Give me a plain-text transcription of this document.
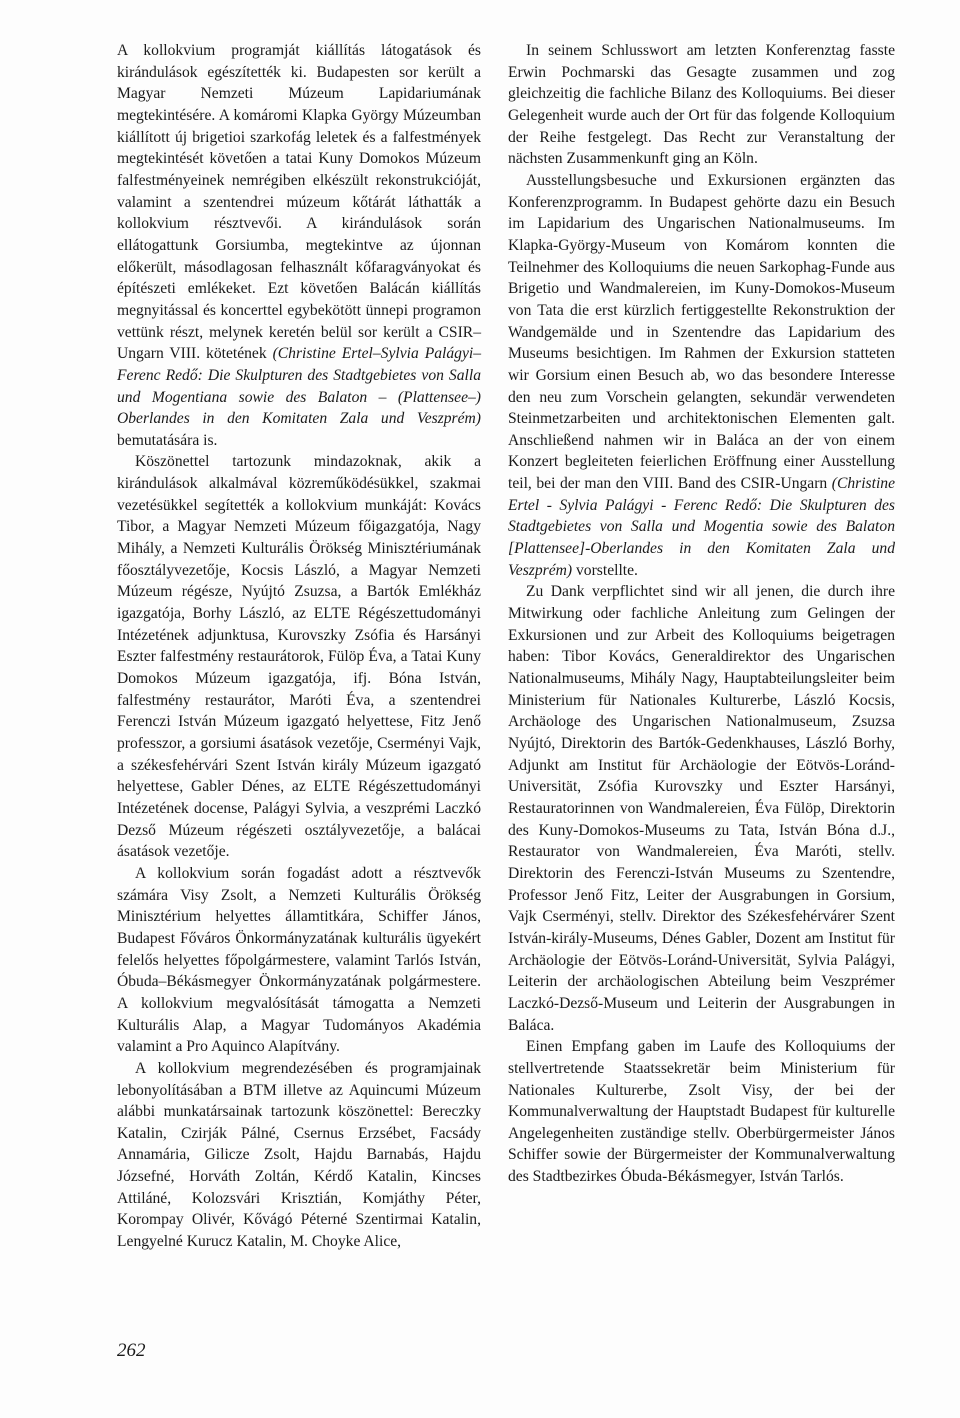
A kollokvium programját kiállítás látogatások és kirándulások egészítették ki. Budapesten sor került a Magyar Nemzeti Múzeum Lapidariumának megtekintésére. A komáromi Klapka György Múzeumban kiállított új brigetioi szarkofág leletek és a falfestmények megtekintését követően a tatai Kuny Domokos Múzeum falfestményeinek nemrégiben elkészült rekonstrukcióját, valamint a szentendrei múzeum kőtárát láthatták a kollokvium résztvevői. A kirándulások során ellátogattunk Gorsiumba, megtekintve az újonnan előkerült, másodlagosan felhasznált kőfaragványokat és építészeti emlékeket. Ezt követően Balácán kiállítás megnyitással és koncerttel egybekötött ünnepi programon vettünk részt, melynek keretén belül sor került a CSIR–Ungarn VIII. kötetének (Christine Ertel–Sylvia Palágyi–Ferenc Redő: Die Skulpturen des Stadtgebietes von Salla und Mogentiana sowie des Balaton – (Plattensee–) Oberlandes in den Komitaten Zala und Veszprém) bemutatására is.

Köszönettel tartozunk mindazoknak, akik a kirándulások alkalmával közreműködésükkel, szakmai vezetésükkel segítették a kollokvium munkáját: Kovács Tibor, a Magyar Nemzeti Múzeum főigazgatója, Nagy Mihály, a Nemzeti Kulturális Örökség Minisztériumának főosztályvezetője, Kocsis László, a Magyar Nemzeti Múzeum régésze, Nyújtó Zsuzsa, a Bartók Emlékház igazgatója, Borhy László, az ELTE Régészettudományi Intézetének adjunktusa, Kurovszky Zsófia és Harsányi Eszter falfestmény restaurátorok, Fülöp Éva, a Tatai Kuny Domokos Múzeum igazgatója, ifj. Bóna István, falfestmény restaurátor, Maróti Éva, a szentendrei Ferenczi István Múzeum igazgató helyettese, Fitz Jenő professzor, a gorsiumi ásatások vezetője, Cserményi Vajk, a székesfehérvári Szent István király Múzeum igazgató helyettese, Gabler Dénes, az ELTE Régészettudományi Intézetének docense, Palágyi Sylvia, a veszprémi Laczkó Dezső Múzeum régészeti osztályvezetője, a balácai ásatások vezetője.

A kollokvium során fogadást adott a résztvevők számára Visy Zsolt, a Nemzeti Kulturális Örökség Minisztérium helyettes államtitkára, Schiffer János, Budapest Főváros Önkormányzatának kulturális ügyekért felelős helyettes főpolgármestere, valamint Tarlós István, Óbuda–Békásmegyer Önkormányzatának polgármestere. A kollokvium megvalósítását támogatta a Nemzeti Kulturális Alap, a Magyar Tudományos Akadémia valamint a Pro Aquinco Alapítvány.

A kollokvium megrendezésében és programjainak lebonyolításában a BTM illetve az Aquincumi Múzeum alábbi munkatársainak tartozunk köszönettel: Bereczky Katalin, Czirják Pálné, Csernus Erzsébet, Facsády Annamária, Gilicze Zsolt, Hajdu Barnabás, Hajdu Józsefné, Horváth Zoltán, Kérdő Katalin, Kincses Attiláné, Kolozsvári Krisztián, Komjáthy Péter, Korompay Olivér, Kővágó Péterné Szentirmai Katalin, Lengyelné Kurucz Katalin, M. Choyke Alice,

In seinem Schlusswort am letzten Konferenztag fasste Erwin Pochmarski das Gesagte zusammen und zog gleichzeitig die fachliche Bilanz des Kolloquiums. Bei dieser Gelegenheit wurde auch der Ort für das folgende Kolloquium der Reihe festgelegt. Das Recht zur Veranstaltung der nächsten Zusammenkunft ging an Köln.

Ausstellungsbesuche und Exkursionen ergänzten das Konferenzprogramm. In Budapest gehörte dazu ein Besuch im Lapidarium des Ungarischen Nationalmuseums. Im Klapka-György-Museum von Komárom konnten die Teilnehmer des Kolloquiums die neuen Sarkophag-Funde aus Brigetio und Wandmalereien, im Kuny-Domokos-Museum von Tata die erst kürzlich fertiggestellte Rekonstruktion der Wandgemälde und in Szentendre das Lapidarium des Museums besichtigen. Im Rahmen der Exkursion statteten wir Gorsium einen Besuch ab, wo das besondere Interesse den neu zum Vorschein gelangten, sekundär verwendeten Steinmetzarbeiten und architektonischen Elementen galt. Anschließend nahmen wir in Baláca an der von einem Konzert begleiteten feierlichen Eröffnung einer Ausstellung teil, bei der man den VIII. Band des CSIR-Ungarn (Christine Ertel - Sylvia Palágyi - Ferenc Redő: Die Skulpturen des Stadtgebietes von Salla und Mogentia sowie des Balaton [Plattensee]-Oberlandes in den Komitaten Zala und Veszprém) vorstellte.

Zu Dank verpflichtet sind wir all jenen, die durch ihre Mitwirkung oder fachliche Anleitung zum Gelingen der Exkursionen und zur Arbeit des Kolloquiums beigetragen haben: Tibor Kovács, Generaldirektor des Ungarischen Nationalmuseums, Mihály Nagy, Hauptabteilungsleiter beim Ministerium für Nationales Kulturerbe, László Kocsis, Archäologe des Ungarischen Nationalmuseum, Zsuzsa Nyújtó, Direktorin des Bartók-Gedenkhauses, László Borhy, Adjunkt am Institut für Archäologie der Eötvös-Loránd-Universität, Zsófia Kurovszky und Eszter Harsányi, Restauratorinnen von Wandmalereien, Éva Fülöp, Direktorin des Kuny-Domokos-Museums zu Tata, István Bóna d.J., Restaurator von Wandmalereien, Éva Maróti, stellv. Direktorin des Ferenczi-István Museums zu Szentendre, Professor Jenő Fitz, Leiter der Ausgrabungen in Gorsium, Vajk Cserményi, stellv. Direktor des Székesfehérvárer Szent István-király-Museums, Dénes Gabler, Dozent am Institut für Archäologie der Eötvös-Loránd-Universität, Sylvia Palágyi, Leiterin der archäologischen Abteilung beim Veszprémer Laczkó-Dezső-Museum und Leiterin der Ausgrabungen in Baláca.

Einen Empfang gaben im Laufe des Kolloquiums der stellvertretende Staatssekretär beim Ministerium für Nationales Kulturerbe, Zsolt Visy, der bei der Kommunalverwaltung der Hauptstadt Budapest für kulturelle Angelegenheiten zuständige stellv. Oberbürgermeister János Schiffer sowie der Bürgermeister der Kommunalverwaltung des Stadtbezirkes Óbuda-Békásmegyer, István Tarlós.

262
